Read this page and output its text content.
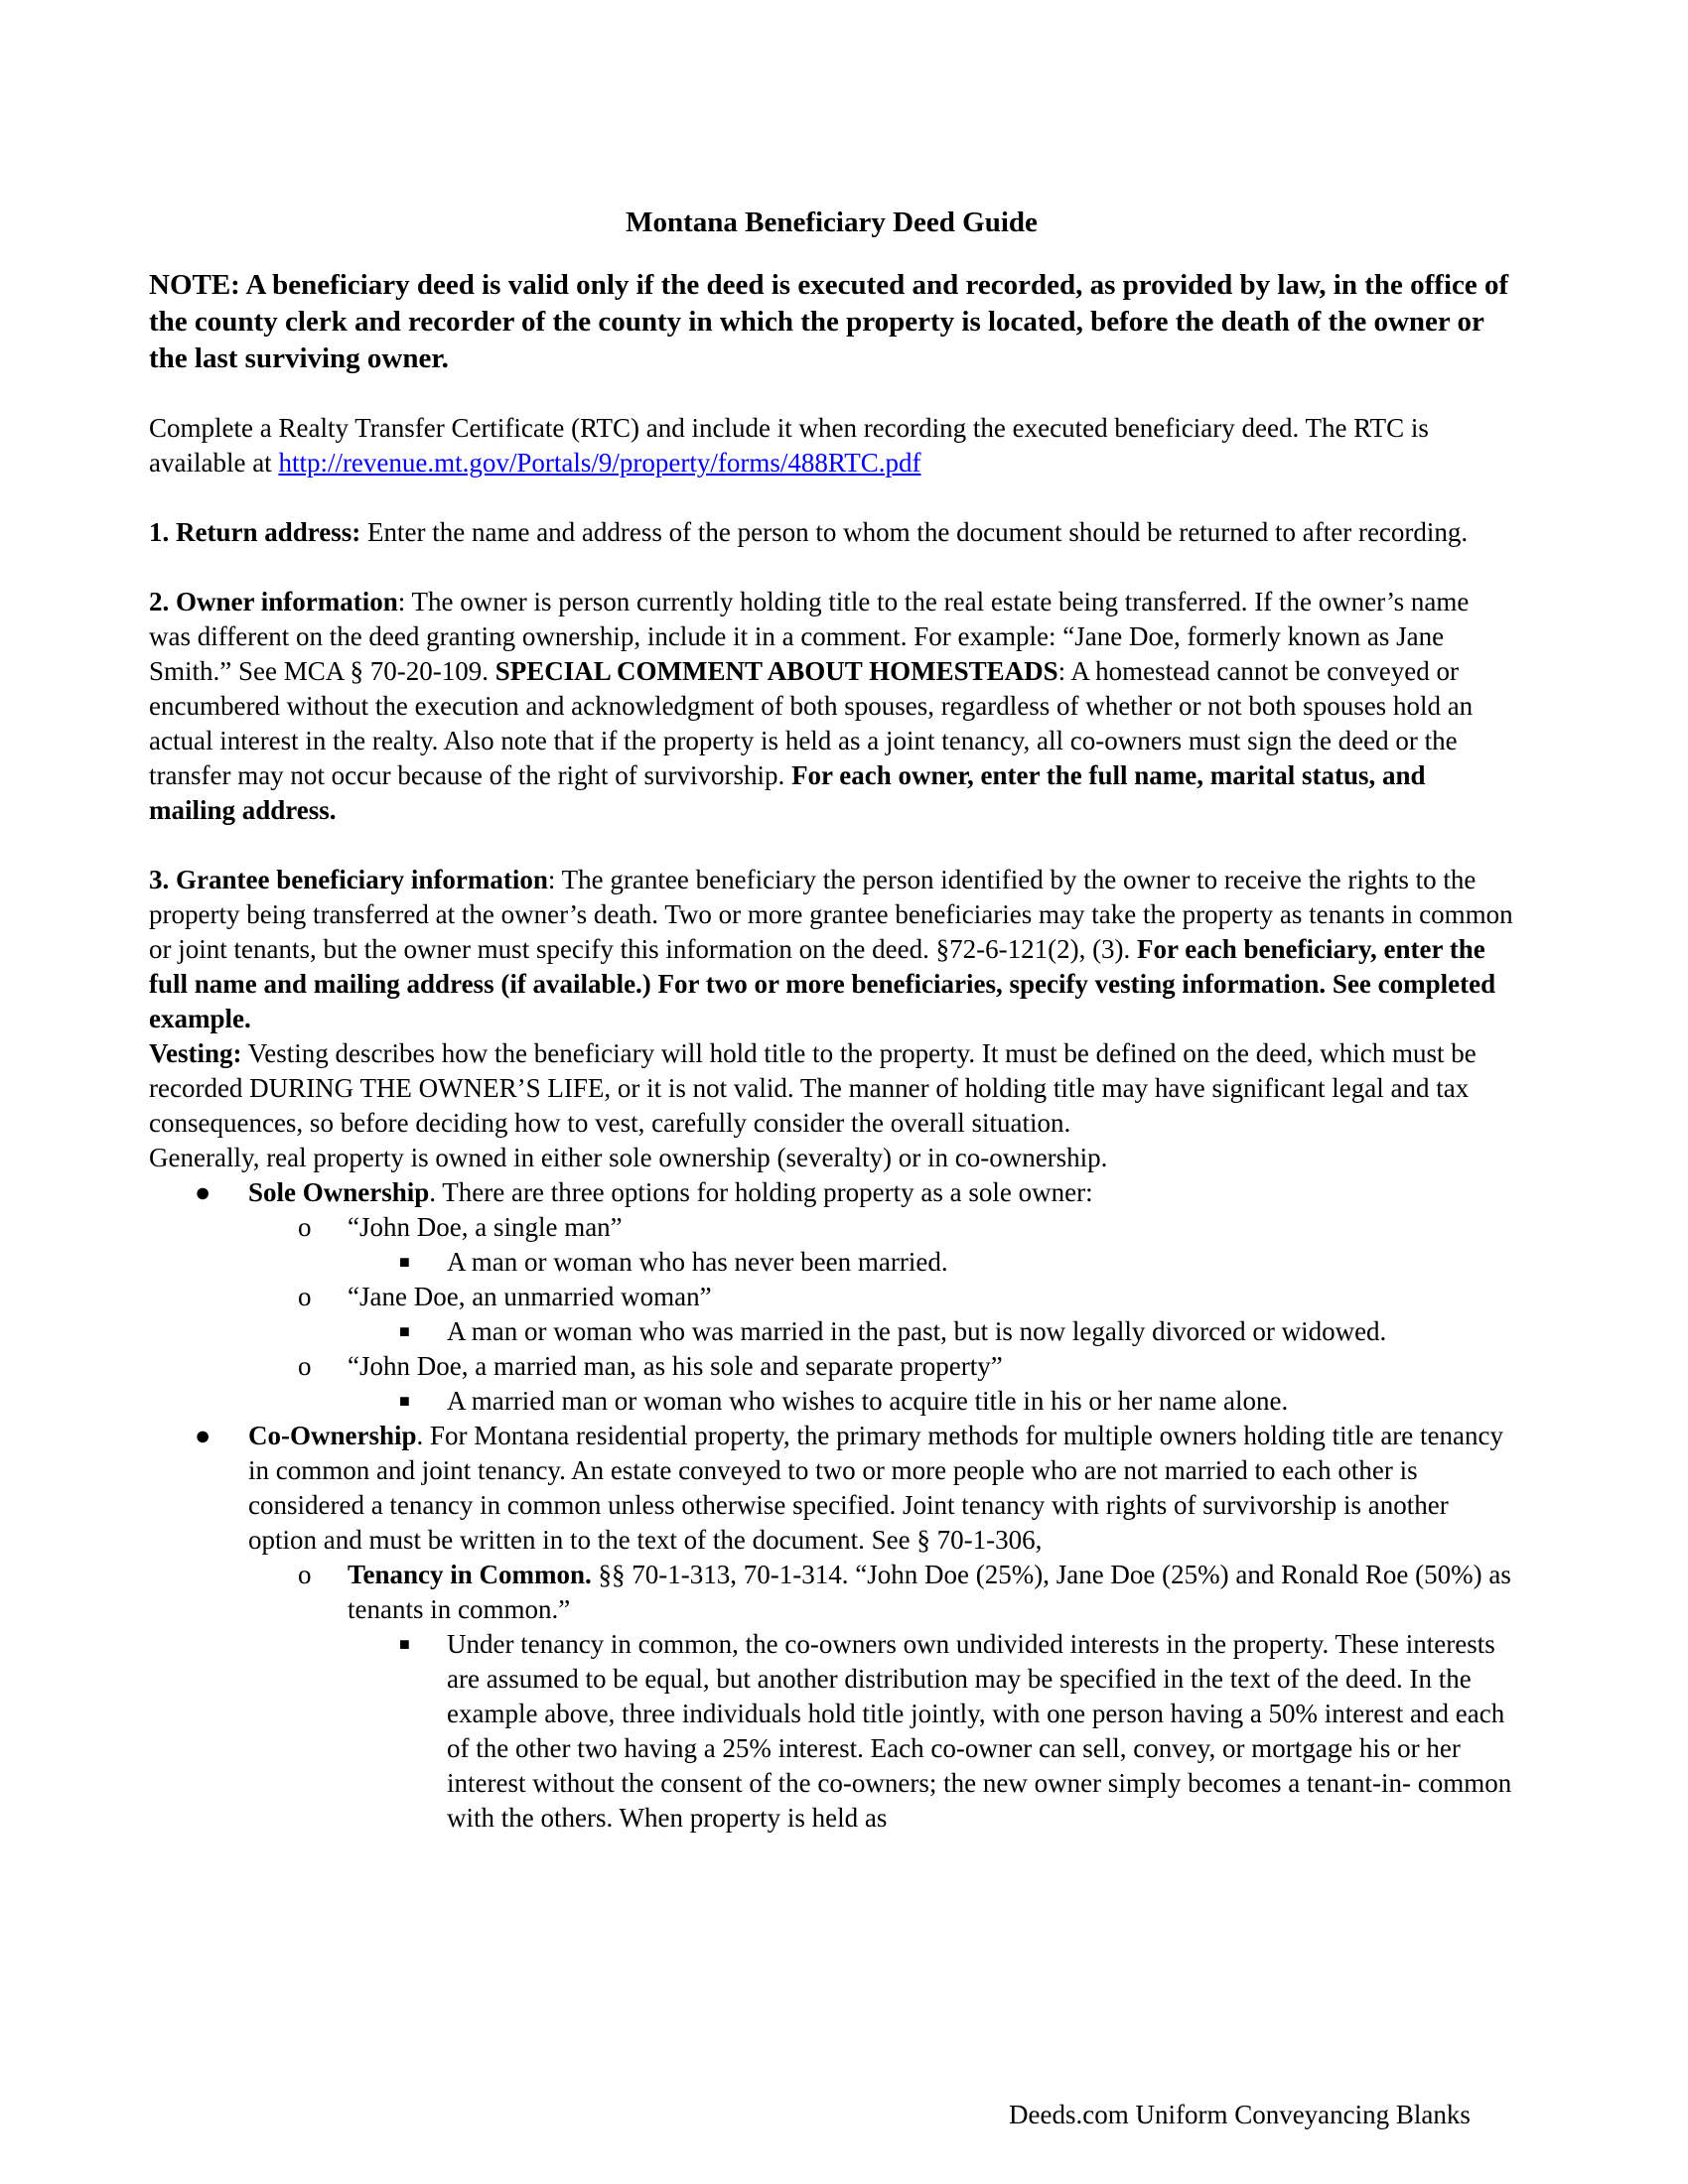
Montana Beneficiary Deed Guide
NOTE: A beneficiary deed is valid only if the deed is executed and recorded, as provided by law, in the office of the county clerk and recorder of the county in which the property is located, before the death of the owner or the last surviving owner.

Complete a Realty Transfer Certificate (RTC) and include it when recording the executed beneficiary deed. The RTC is available at http://revenue.mt.gov/Portals/9/property/forms/488RTC.pdf

1. Return address: Enter the name and address of the person to whom the document should be returned to after recording.

2. Owner information: The owner is person currently holding title to the real estate being transferred. If the owner’s name was different on the deed granting ownership, include it in a comment. For example: “Jane Doe, formerly known as Jane Smith.” See MCA § 70-20-109. SPECIAL COMMENT ABOUT HOMESTEADS: A homestead cannot be conveyed or encumbered without the execution and acknowledgment of both spouses, regardless of whether or not both spouses hold an actual interest in the realty. Also note that if the property is held as a joint tenancy, all co-owners must sign the deed or the transfer may not occur because of the right of survivorship. For each owner, enter the full name, marital status, and mailing address.

3. Grantee beneficiary information: The grantee beneficiary the person identified by the owner to receive the rights to the property being transferred at the owner’s death. Two or more grantee beneficiaries may take the property as tenants in common or joint tenants, but the owner must specify this information on the deed. §72-6-121(2), (3). For each beneficiary, enter the full name and mailing address (if available.) For two or more beneficiaries, specify vesting information. See completed example.

Vesting: Vesting describes how the beneficiary will hold title to the property. It must be defined on the deed, which must be recorded DURING THE OWNER’S LIFE, or it is not valid. The manner of holding title may have significant legal and tax consequences, so before deciding how to vest, carefully consider the overall situation.

Generally, real property is owned in either sole ownership (severalty) or in co-ownership.

● Sole Ownership. There are three options for holding property as a sole owner:
o “John Doe, a single man”
■ A man or woman who has never been married.
o “Jane Doe, an unmarried woman”
■ A man or woman who was married in the past, but is now legally divorced or widowed.
o “John Doe, a married man, as his sole and separate property”
■ A married man or woman who wishes to acquire title in his or her name alone.
● Co-Ownership. For Montana residential property, the primary methods for multiple owners holding title are tenancy in common and joint tenancy. An estate conveyed to two or more people who are not married to each other is considered a tenancy in common unless otherwise specified. Joint tenancy with rights of survivorship is another option and must be written in to the text of the document. See § 70-1-306,
o Tenancy in Common. §§ 70-1-313, 70-1-314. “John Doe (25%), Jane Doe (25%) and Ronald Roe (50%) as tenants in common.”
■ Under tenancy in common, the co-owners own undivided interests in the property. These interests are assumed to be equal, but another distribution may be specified in the text of the deed. In the example above, three individuals hold title jointly, with one person having a 50% interest and each of the other two having a 25% interest. Each co-owner can sell, convey, or mortgage his or her interest without the consent of the co-owners; the new owner simply becomes a tenant-in- common with the others. When property is held as
Deeds.com Uniform Conveyancing Blanks
